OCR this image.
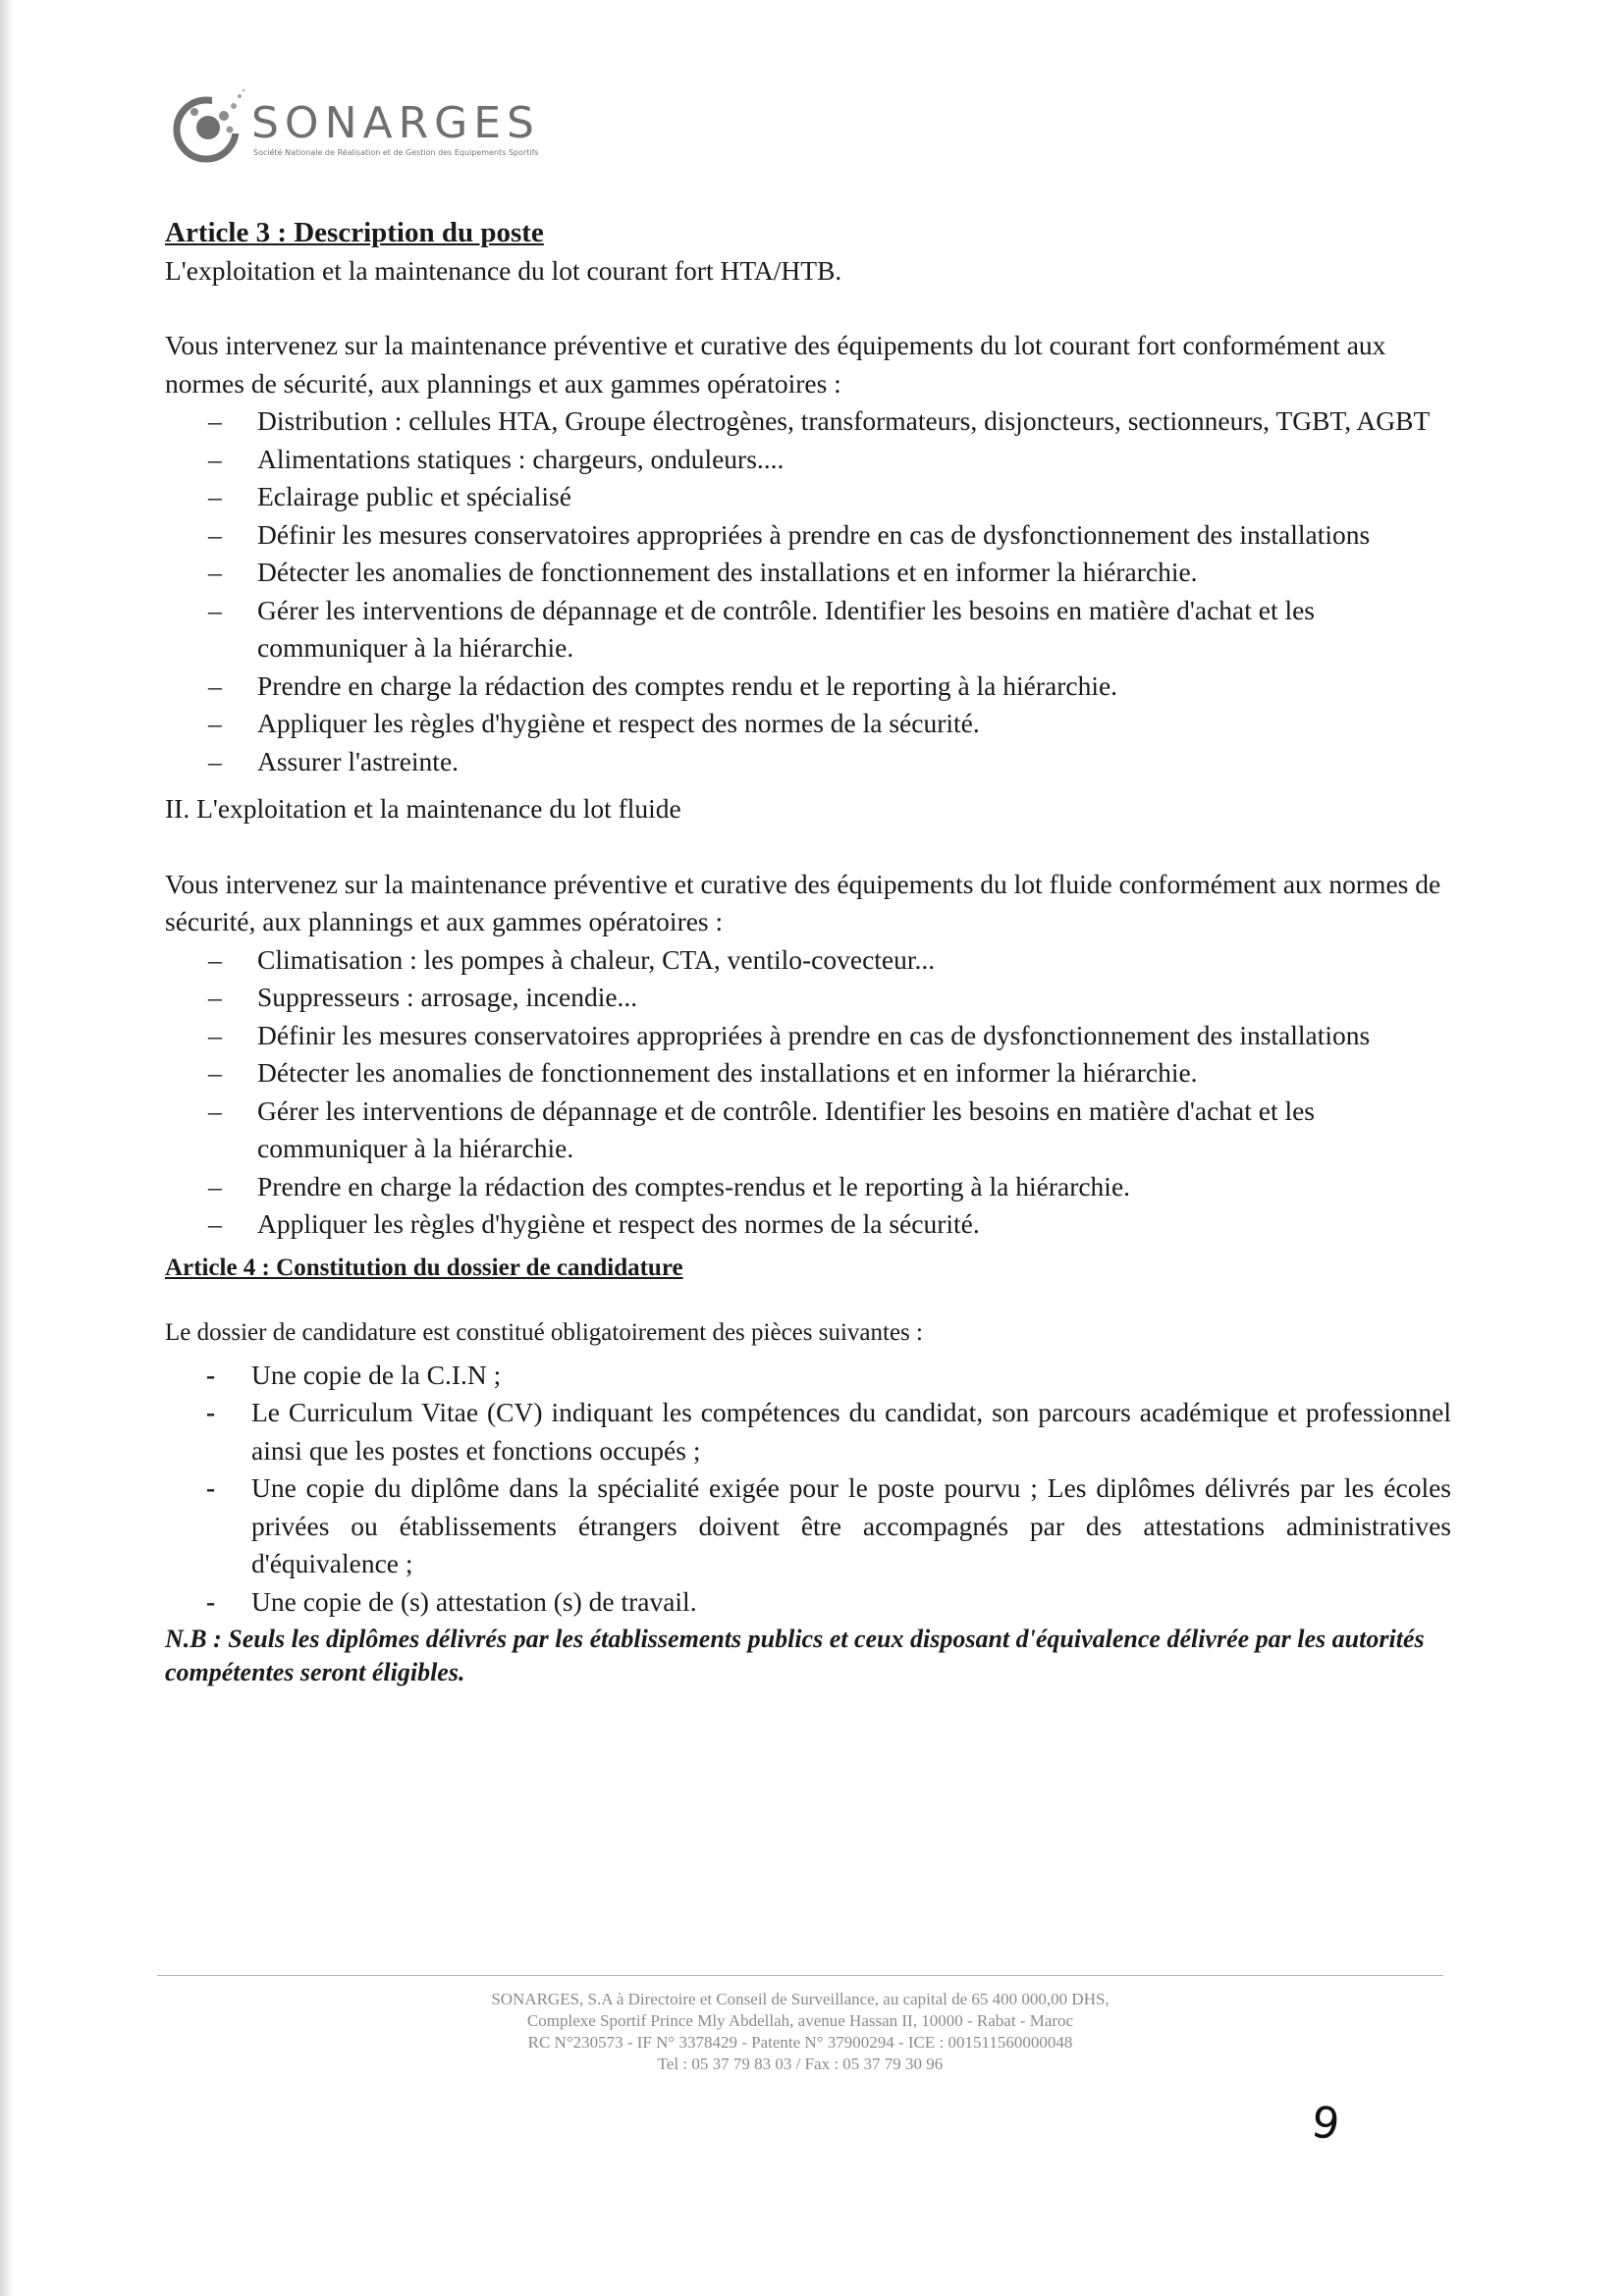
SONARGES
Société Nationale de Réalisation et de Gestion des Equipements Sportifs
Article 3 : Description du poste

L'exploitation et la maintenance du lot courant fort HTA/HTB.

Vous intervenez sur la maintenance préventive et curative des équipements du lot courant fort conformément aux normes de sécurité, aux plannings et aux gammes opératoires :

– Distribution : cellules HTA, Groupe électrogènes, transformateurs, disjoncteurs, sectionneurs, TGBT, AGBT
– Alimentations statiques : chargeurs, onduleurs....
– Eclairage public et spécialisé
– Définir les mesures conservatoires appropriées à prendre en cas de dysfonctionnement des installations
– Détecter les anomalies de fonctionnement des installations et en informer la hiérarchie.
– Gérer les interventions de dépannage et de contrôle. Identifier les besoins en matière d'achat et les communiquer à la hiérarchie.
– Prendre en charge la rédaction des comptes rendu et le reporting à la hiérarchie.
– Appliquer les règles d'hygiène et respect des normes de la sécurité.
– Assurer l'astreinte.

II. L'exploitation et la maintenance du lot fluide

Vous intervenez sur la maintenance préventive et curative des équipements du lot fluide conformément aux normes de sécurité, aux plannings et aux gammes opératoires :

– Climatisation : les pompes à chaleur, CTA, ventilo-covecteur...
– Suppresseurs : arrosage, incendie...
– Définir les mesures conservatoires appropriées à prendre en cas de dysfonctionnement des installations
– Détecter les anomalies de fonctionnement des installations et en informer la hiérarchie.
– Gérer les interventions de dépannage et de contrôle. Identifier les besoins en matière d'achat et les communiquer à la hiérarchie.
– Prendre en charge la rédaction des comptes-rendus et le reporting à la hiérarchie.
– Appliquer les règles d'hygiène et respect des normes de la sécurité.
Article 4 : Constitution du dossier de candidature

Le dossier de candidature est constitué obligatoirement des pièces suivantes :

- Une copie de la C.I.N ;
- Le Curriculum Vitae (CV) indiquant les compétences du candidat, son parcours académique et professionnel ainsi que les postes et fonctions occupés ;
- Une copie du diplôme dans la spécialité exigée pour le poste pourvu ; Les diplômes délivrés par les écoles privées ou établissements étrangers doivent être accompagnés par des attestations administratives d'équivalence ;
- Une copie de (s) attestation (s) de travail.

N.B : Seuls les diplômes délivrés par les établissements publics et ceux disposant d'équivalence délivrée par les autorités compétentes seront éligibles.

SONARGES, S.A à Directoire et Conseil de Surveillance, au capital de 65 400 000,00 DHS,
Complexe Sportif Prince Mly Abdellah, avenue Hassan II, 10000 - Rabat - Maroc
RC N°230573 - IF N° 3378429 - Patente N° 37900294 - ICE : 001511560000048
Tel : 05 37 79 83 03 / Fax : 05 37 79 30 96
9
